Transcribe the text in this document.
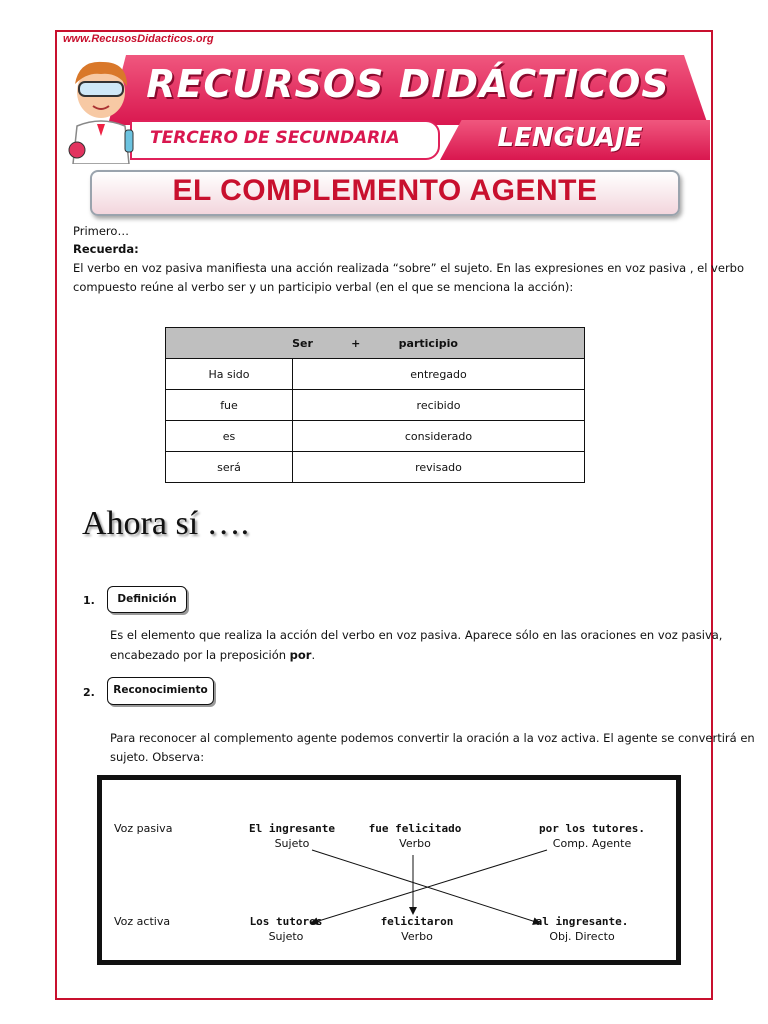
www.RecusosDidacticos.org
RECURSOS DIDÁCTICOS
TERCERO DE SECUNDARIA	LENGUAJE
EL COMPLEMENTO AGENTE
Primero…
Recuerda:
El verbo en voz pasiva manifiesta una acción realizada “sobre” el sujeto. En las expresiones en voz pasiva , el verbo
compuesto reúne al verbo ser y un participio verbal (en el que se menciona la acción):
Ser          +          participio	
Ha sido	entregado
fue	recibido
es	considerado
será	revisado
Ahora sí ….
1.	Definición
Es el elemento que realiza la acción del verbo en voz pasiva. Aparece sólo en las oraciones en voz pasiva,
encabezado por la preposición por.
2.	Reconocimiento
Para reconocer al complemento agente podemos convertir la oración a la voz activa. El agente se convertirá en
sujeto. Observa:
Voz pasiva	El ingresante
Sujeto
fue felicitado
Verbo
por los tutores.
Comp. Agente
Voz activa	Los tutores
Sujeto
felicitaron
Verbo
al ingresante.
Obj. Directo
